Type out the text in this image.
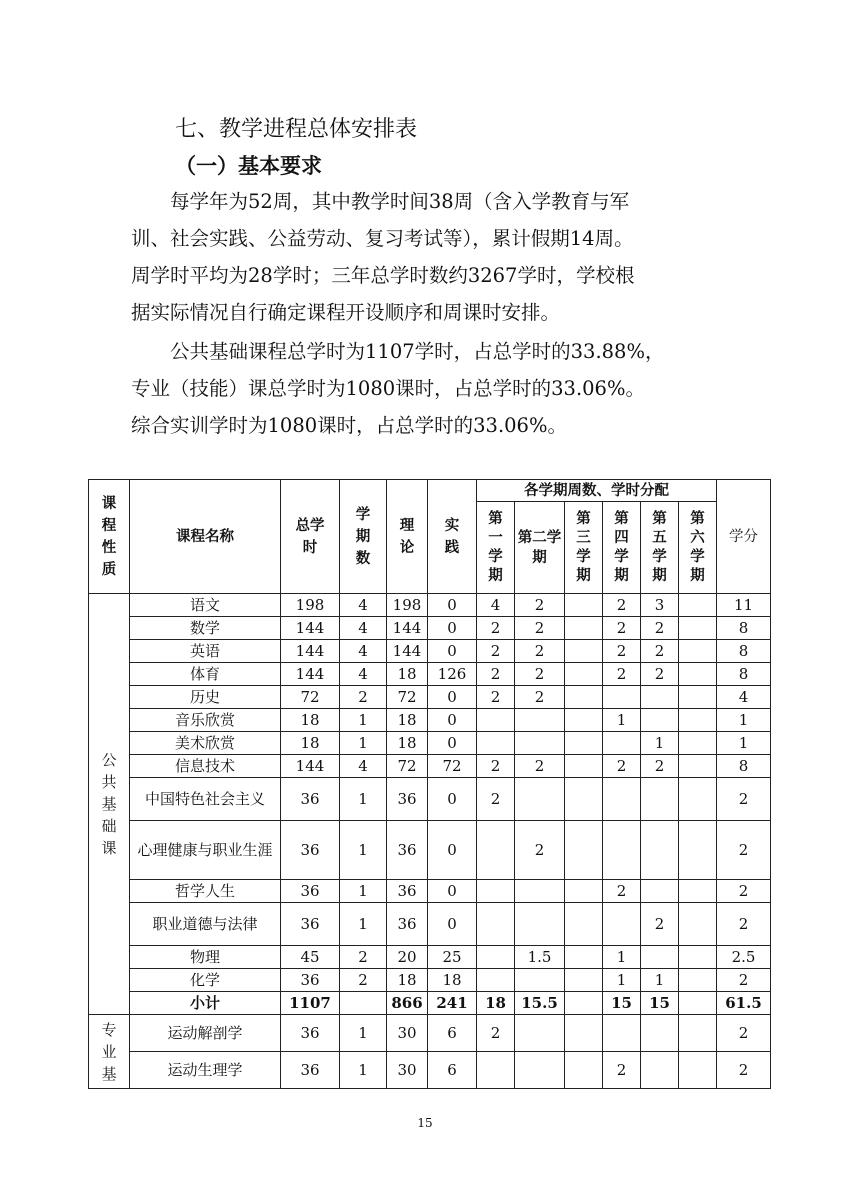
七、教学进程总体安排表
（一）基本要求

　　每学年为52周，其中教学时间38周（含入学教育与军
训、社会实践、公益劳动、复习考试等），累计假期14周。
周学时平均为28学时；三年总学时数约3267学时，学校根
据实际情况自行确定课程开设顺序和周课时安排。

　　公共基础课程总学时为1107学时，占总学时的33.88%，
专业（技能）课总学时为1080课时，占总学时的33.06%。
综合实训学时为1080课时，占总学时的33.06%。

课程性质	课程名称	总学时	学期数	理论	实践	各学期周数、学时分配						学分
						第一学期	第二学期	第三学期	第四学期	第五学期	第六学期	
公共基础课	语文	198	4	198	0	4	2		2	3		11
	数学	144	4	144	0	2	2		2	2		8
	英语	144	4	144	0	2	2		2	2		8
	体育	144	4	18	126	2	2		2	2		8
	历史	72	2	72	0	2	2					4
	音乐欣赏	18	1	18	0				1			1
	美术欣赏	18	1	18	0					1		1
	信息技术	144	4	72	72	2	2		2	2		8
	中国特色社会主义	36	1	36	0	2						2
	心理健康与职业生涯	36	1	36	0		2					2
	哲学人生	36	1	36	0				2			2
	职业道德与法律	36	1	36	0					2		2
	物理	45	2	20	25		1.5		1			2.5
	化学	36	2	18	18				1	1		2
	小计	1107		866	241	18	15.5		15	15		61.5
专业基	运动解剖学	36	1	30	6	2						2
	运动生理学	36	1	30	6				2			2
15
